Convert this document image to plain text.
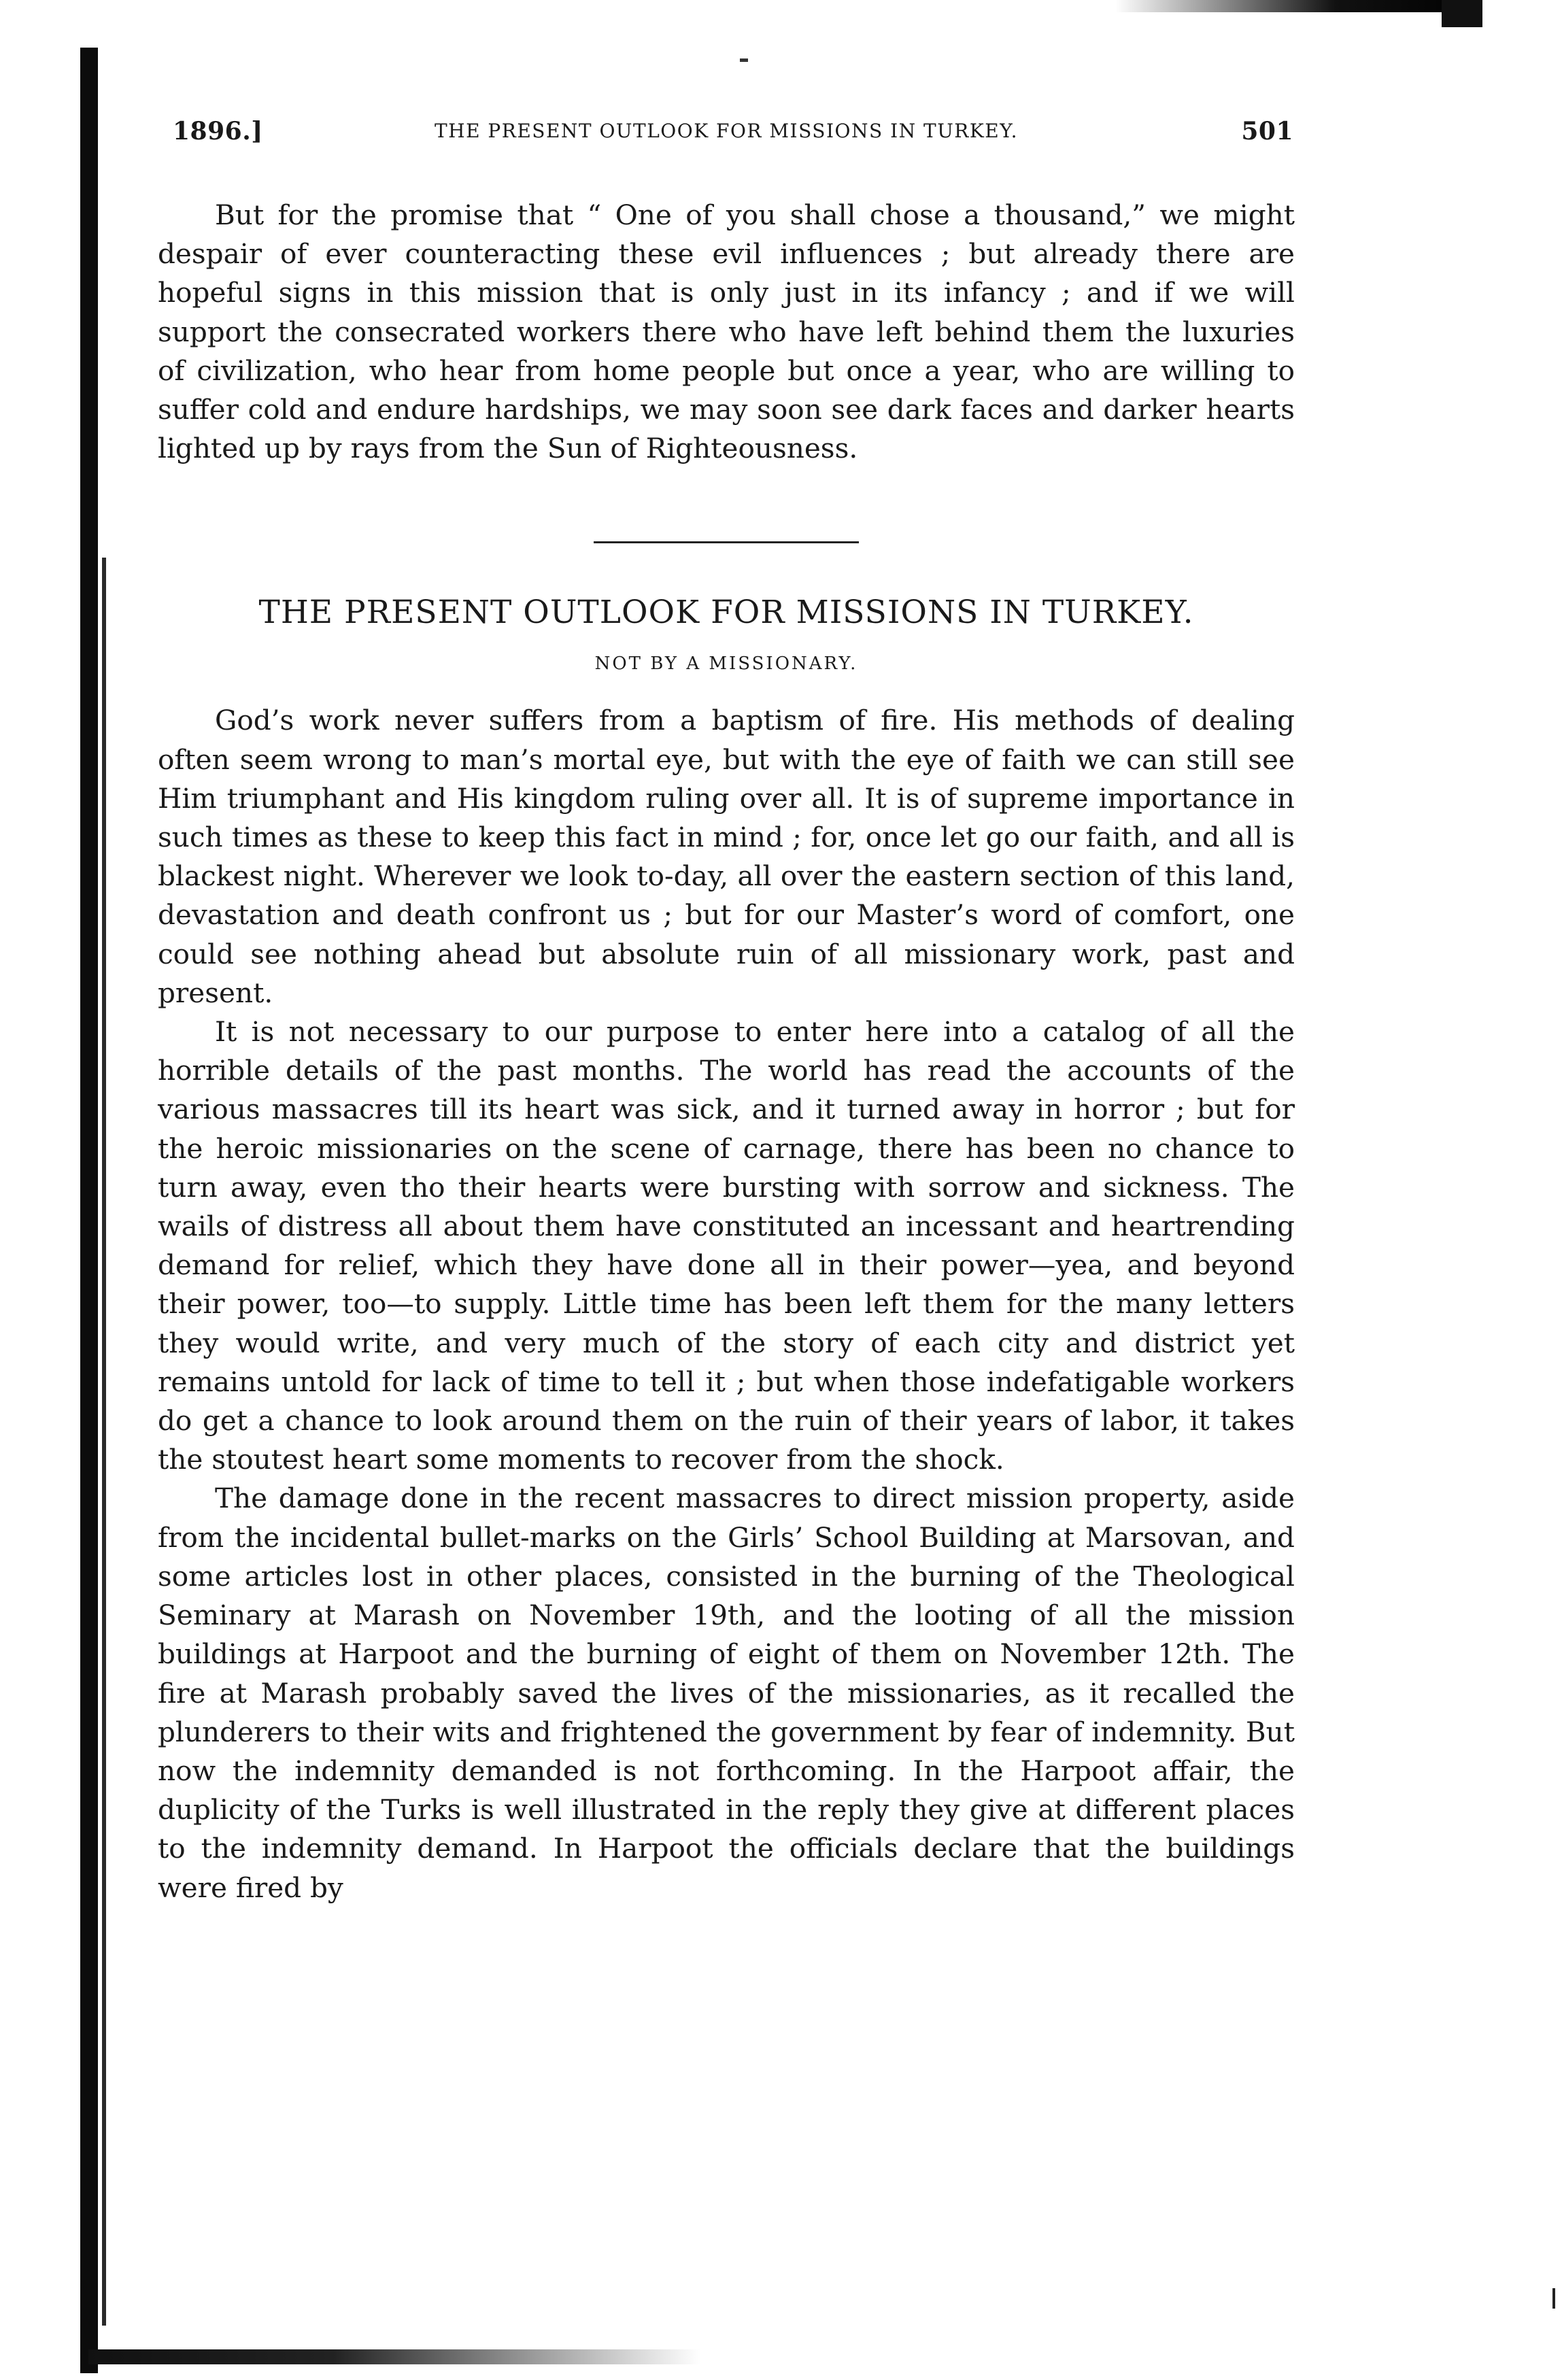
1896.]	THE PRESENT OUTLOOK FOR MISSIONS IN TURKEY.	501

But for the promise that “ One of you shall chose a thousand,” we might despair of ever counteracting these evil influences ; but already there are hopeful signs in this mission that is only just in its infancy ; and if we will support the consecrated workers there who have left behind them the luxuries of civilization, who hear from home people but once a year, who are willing to suffer cold and endure hardships, we may soon see dark faces and darker hearts lighted up by rays from the Sun of Righteousness.

THE PRESENT OUTLOOK FOR MISSIONS IN TURKEY.
NOT BY A MISSIONARY.

God’s work never suffers from a baptism of fire. His methods of dealing often seem wrong to man’s mortal eye, but with the eye of faith we can still see Him triumphant and His kingdom ruling over all. It is of supreme importance in such times as these to keep this fact in mind ; for, once let go our faith, and all is blackest night. Wherever we look to-day, all over the eastern section of this land, devastation and death confront us ; but for our Master’s word of comfort, one could see nothing ahead but absolute ruin of all missionary work, past and present.

It is not necessary to our purpose to enter here into a catalog of all the horrible details of the past months. The world has read the accounts of the various massacres till its heart was sick, and it turned away in horror ; but for the heroic missionaries on the scene of carnage, there has been no chance to turn away, even tho their hearts were bursting with sorrow and sickness. The wails of distress all about them have constituted an incessant and heartrending demand for relief, which they have done all in their power—yea, and beyond their power, too—to supply. Little time has been left them for the many letters they would write, and very much of the story of each city and district yet remains untold for lack of time to tell it ; but when those indefatigable workers do get a chance to look around them on the ruin of their years of labor, it takes the stoutest heart some moments to recover from the shock.

The damage done in the recent massacres to direct mission property, aside from the incidental bullet-marks on the Girls’ School Building at Marsovan, and some articles lost in other places, consisted in the burning of the Theological Seminary at Marash on November 19th, and the looting of all the mission buildings at Harpoot and the burning of eight of them on November 12th. The fire at Marash probably saved the lives of the missionaries, as it recalled the plunderers to their wits and frightened the government by fear of indemnity. But now the indemnity demanded is not forthcoming. In the Harpoot affair, the duplicity of the Turks is well illustrated in the reply they give at different places to the indemnity demand. In Harpoot the officials declare that the buildings were fired by
